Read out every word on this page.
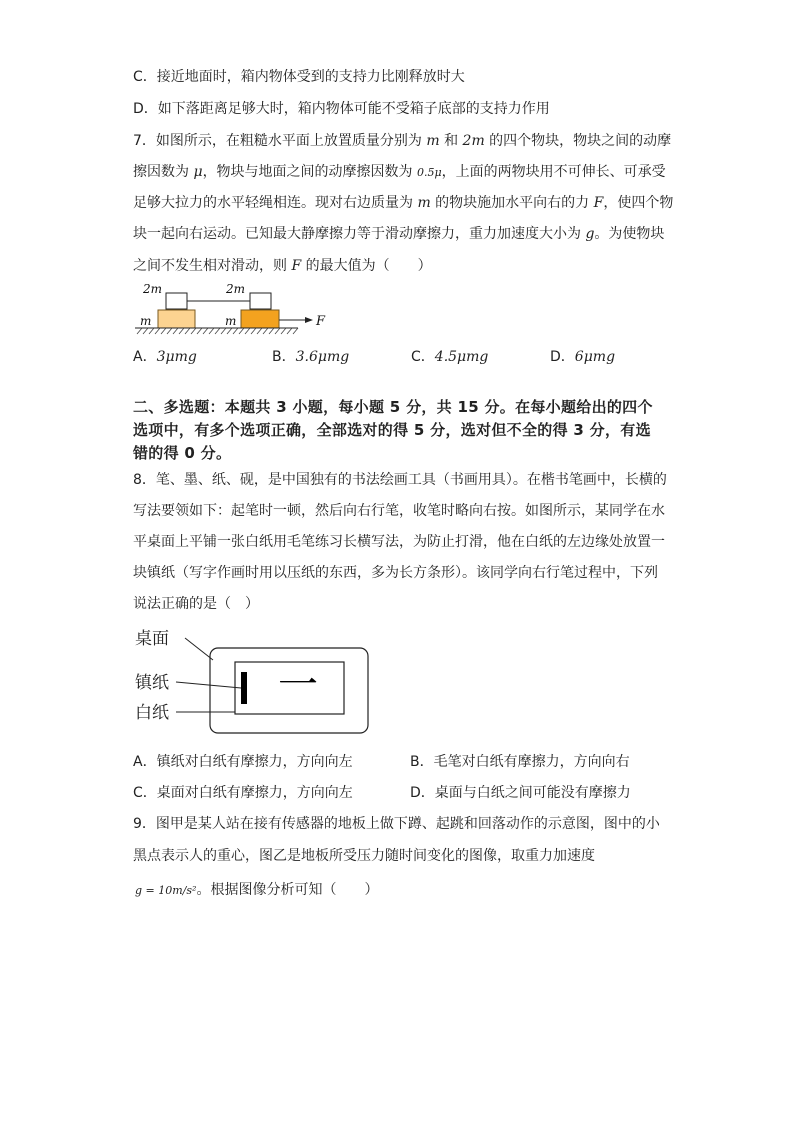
C．接近地面时，箱内物体受到的支持力比刚释放时大
D．如下落距离足够大时，箱内物体可能不受箱子底部的支持力作用
7．如图所示，在粗糙水平面上放置质量分别为 m 和 2m 的四个物块，物块之间的动摩
擦因数为 μ，物块与地面之间的动摩擦因数为 0.5μ，上面的两物块用不可伸长、可承受
足够大拉力的水平轻绳相连。现对右边质量为 m 的物块施加水平向右的力 F，使四个物
块一起向右运动。已知最大静摩擦力等于滑动摩擦力，重力加速度大小为 g。为使物块
之间不发生相对滑动，则 F 的最大值为（　　）
2m	2m
m	m	F
A．3μmg	B．3.6μmg	C．4.5μmg	D．6μmg
二、多选题：本题共 3 小题，每小题 5 分，共 15 分。在每小题给出的四个
选项中，有多个选项正确，全部选对的得 5 分，选对但不全的得 3 分，有选
错的得 0 分。
8．笔、墨、纸、砚，是中国独有的书法绘画工具（书画用具）。在楷书笔画中，长横的
写法要领如下：起笔时一顿，然后向右行笔，收笔时略向右按。如图所示，某同学在水
平桌面上平铺一张白纸用毛笔练习长横写法，为防止打滑，他在白纸的左边缘处放置一
块镇纸（写字作画时用以压纸的东西，多为长方条形）。该同学向右行笔过程中，下列
说法正确的是（　）
桌面
一
镇纸
白纸
A．镇纸对白纸有摩擦力，方向向左	B．毛笔对白纸有摩擦力，方向向右
C．桌面对白纸有摩擦力，方向向左	D．桌面与白纸之间可能没有摩擦力
9．图甲是某人站在接有传感器的地板上做下蹲、起跳和回落动作的示意图，图中的小
黑点表示人的重心，图乙是地板所受压力随时间变化的图像，取重力加速度
g = 10m/s²。根据图像分析可知（　　）
